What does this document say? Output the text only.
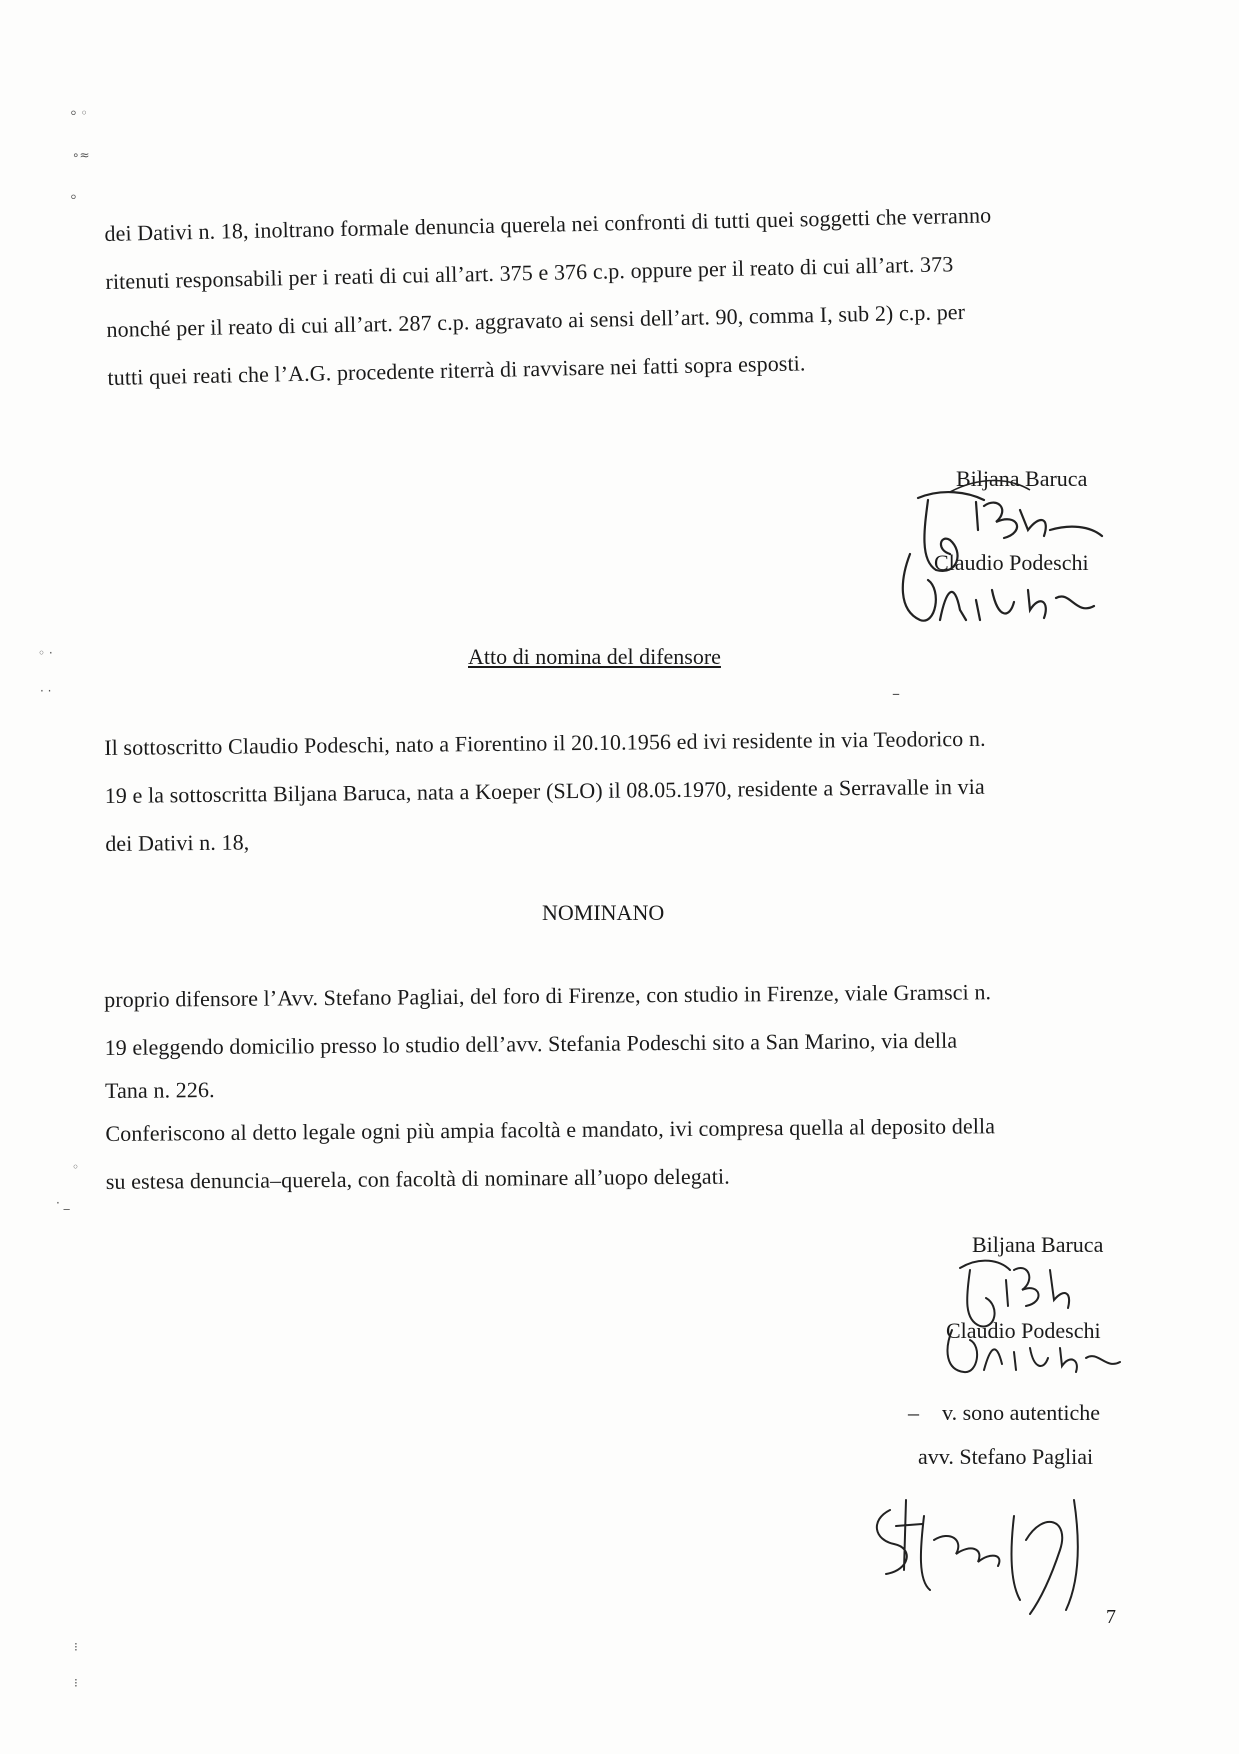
⸰ ◦
∘≈
⸰
◦ ·
· ·
◦
· _
⁝
⁝

dei Dativi n. 18, inoltrano formale denuncia querela nei confronti di tutti quei soggetti che verranno

ritenuti responsabili per i reati di cui all’art. 375 e 376 c.p. oppure per il reato di cui all’art. 373

nonché per il reato di cui all’art. 287 c.p. aggravato ai sensi dell’art. 90, comma I, sub 2) c.p. per

tutti quei reati che l’A.G. procedente riterrà di ravvisare nei fatti sopra esposti.

Biljana Baruca
Claudio Podeschi
Atto di nomina del difensore
–

Il sottoscritto Claudio Podeschi, nato a Fiorentino il 20.10.1956 ed ivi residente in via Teodorico n.

19 e la sottoscritta Biljana Baruca, nata a Koeper (SLO) il 08.05.1970, residente a Serravalle in via

dei Dativi n. 18,

NOMINANO

proprio difensore l’Avv. Stefano Pagliai, del foro di Firenze, con studio in Firenze, viale Gramsci n.

19 eleggendo domicilio presso lo studio dell’avv. Stefania Podeschi sito a San Marino, via della

Tana n. 226.

Conferiscono al detto legale ogni più ampia facoltà e mandato, ivi compresa quella al deposito della

su estesa denuncia–querela, con facoltà di nominare all’uopo delegati.

Biljana Baruca
Claudio Podeschi
– v. sono autentiche
avv. Stefano Pagliai
7
